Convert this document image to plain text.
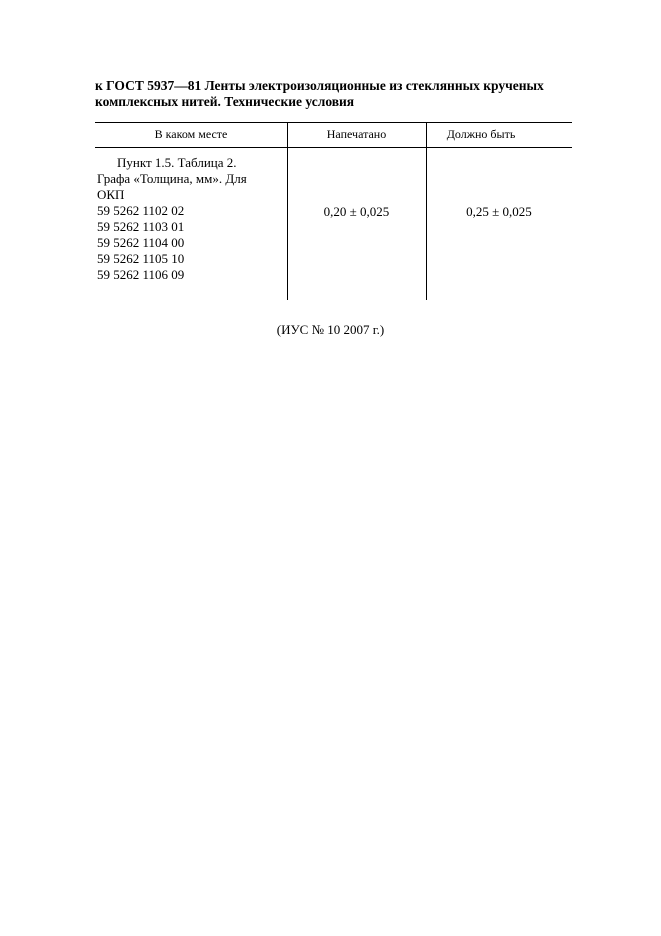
к ГОСТ 5937—81 Ленты электроизоляционные из стеклянных крученых
комплексных нитей. Технические условия
В каком месте	Напечатано	Должно быть
Пункт 1.5. Таблица 2.
Графа «Толщина, мм». Для
ОКП
59 5262 1102 02
59 5262 1103 01
59 5262 1104 00
59 5262 1105 10
59 5262 1106 09
0,20 ± 0,025	0,25 ± 0,025
(ИУС № 10 2007 г.)
